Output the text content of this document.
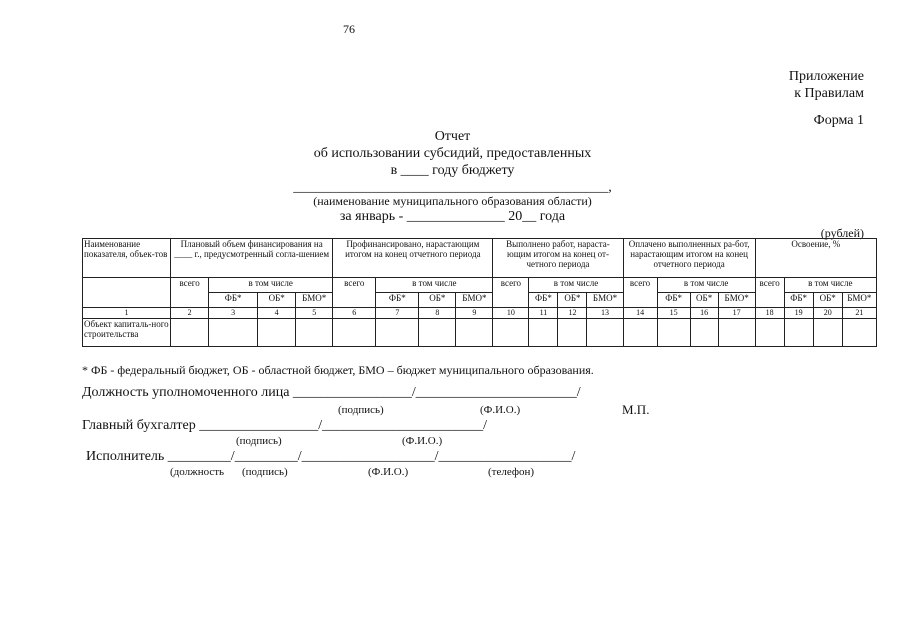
76
Приложение
к Правилам
Форма 1
Отчет
об использовании субсидий, предоставленных
в ____ году бюджету
_____________________________________________,
(наименование муниципального образования области)
за январь - ______________ 20__ года
(рублей)
Наименование показателя, объек-тов	Плановый объем финансирования на ____ г., предусмотренный согла-шением				Профинансировано, нарастающим итогом на конец отчетного периода				Выполнено работ, нараста-ющим итогом на конец от-четного периода				Оплачено выполненных ра-бот, нарастающим итогом на конец отчетного периода				Освоение, %			
	всего	в том числе			всего	в том числе			всего	в том числе			всего	в том числе			всего	в том числе		
		ФБ*	ОБ*	БМО*		ФБ*	ОБ*	БМО*		ФБ*	ОБ*	БМО*		ФБ*	ОБ*	БМО*		ФБ*	ОБ*	БМО*
1	2	3	4	5	6	7	8	9	10	11	12	13	14	15	16	17	18	19	20	21
Объект капиталь-ного строительства																				
* ФБ - федеральный бюджет, ОБ - областной бюджет, БМО – бюджет муниципального образования.
Должность уполномоченного лица _________________/_______________________/
(подпись)	(Ф.И.О.)	М.П.
Главный бухгалтер _________________/_______________________/
(подпись)	(Ф.И.О.)
Исполнитель _________/_________/___________________/___________________/
(должность (подпись)	(Ф.И.О.)	(телефон)
